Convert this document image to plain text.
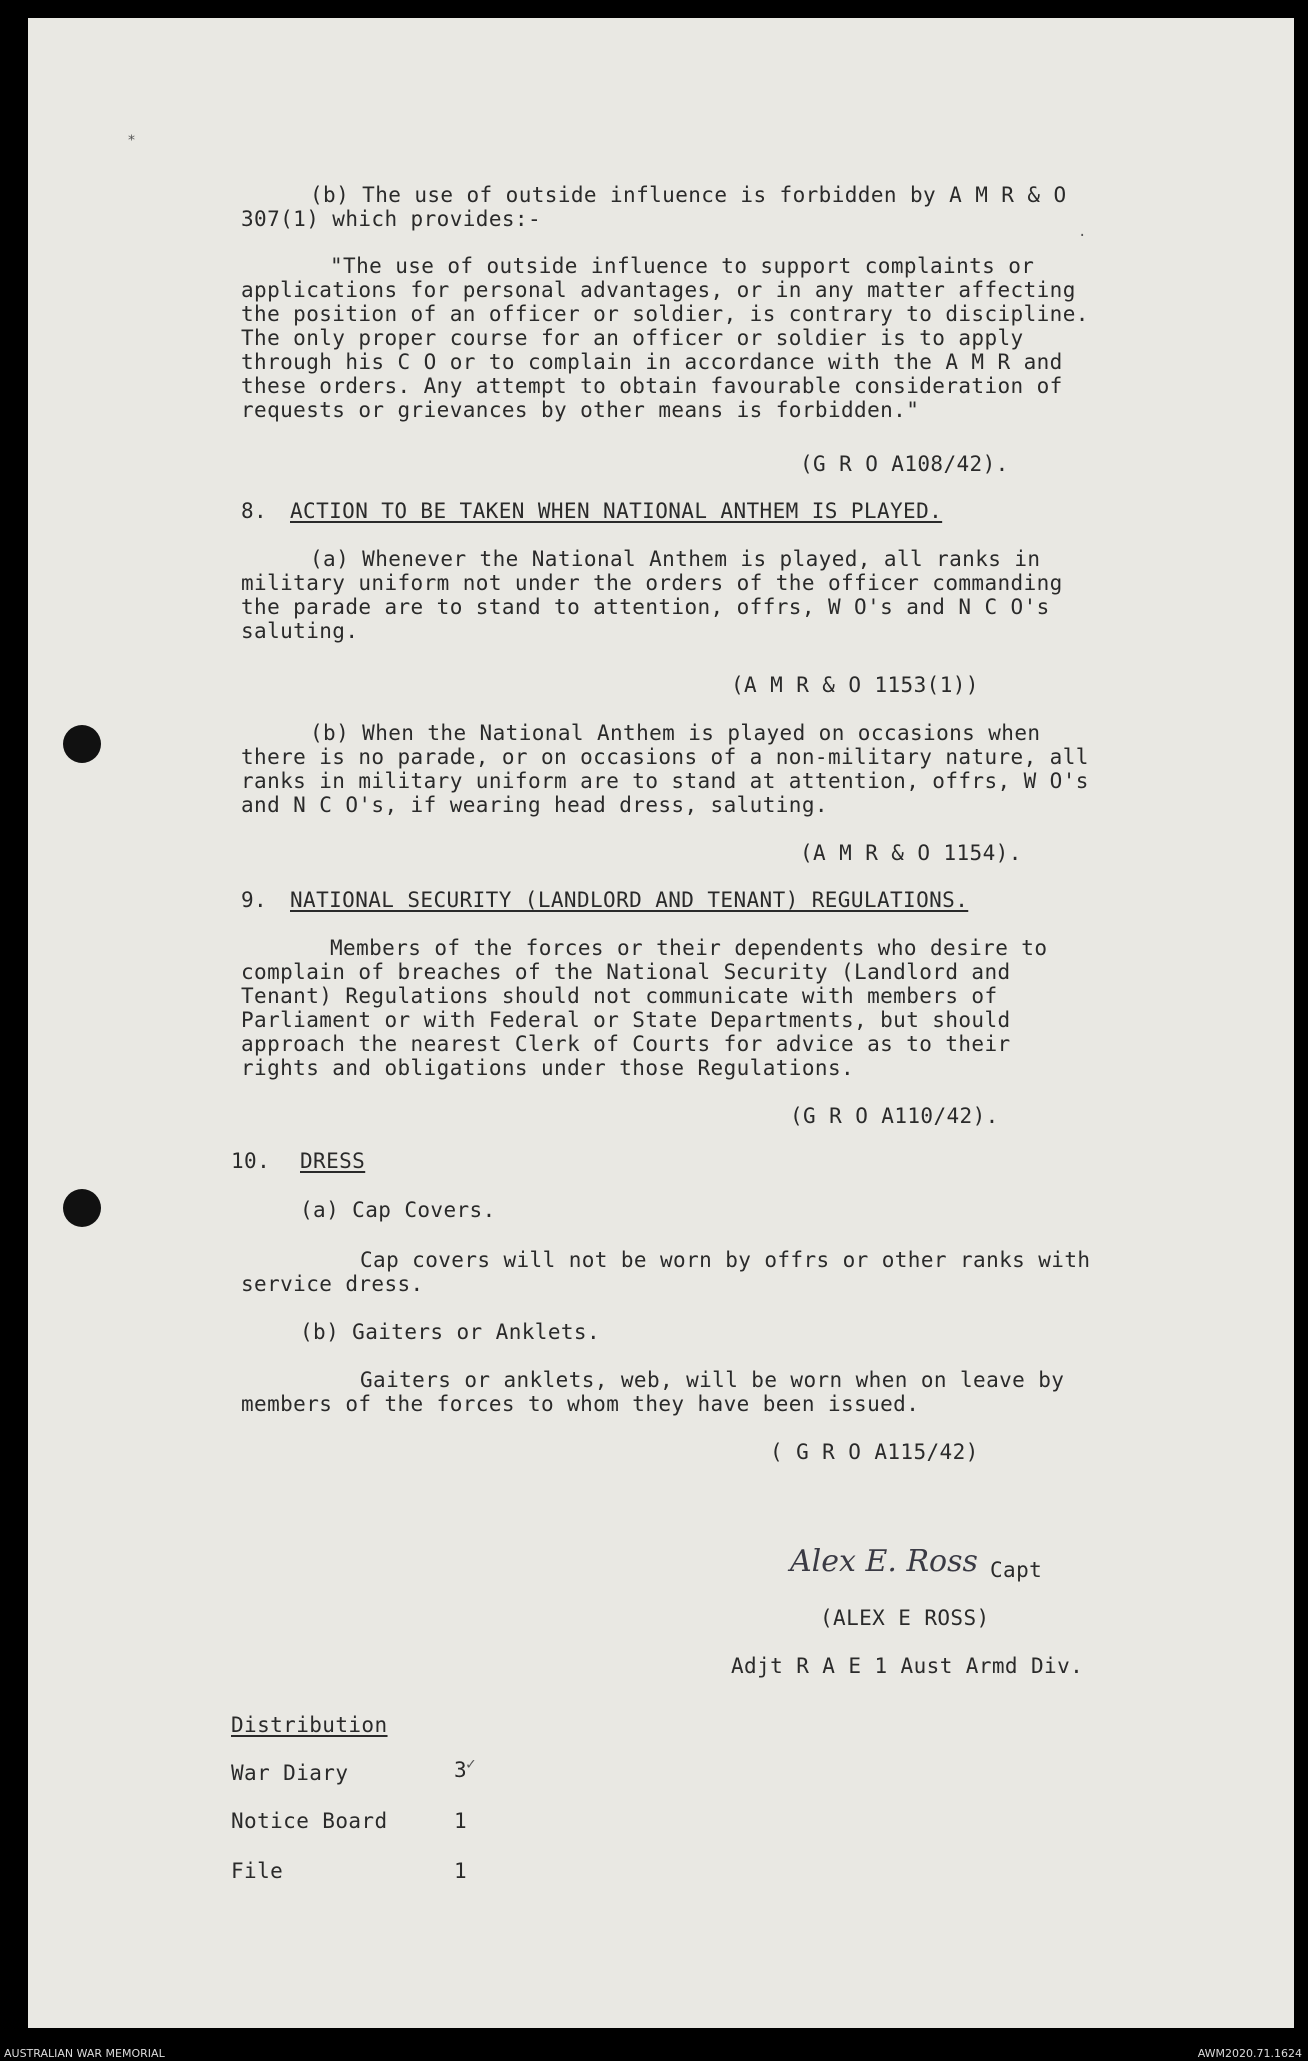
⁎
·
(b) The use of outside influence is forbidden by A M R & O
307(1) which provides:-
"The use of outside influence to support complaints or
applications for personal advantages, or in any matter affecting
the position of an officer or soldier, is contrary to discipline.
The only proper course for an officer or soldier is to apply
through his C O or to complain in accordance with the A M R and
these orders. Any attempt to obtain favourable consideration of
requests or grievances by other means is forbidden."
(G R O A108/42).
8. ACTION TO BE TAKEN WHEN NATIONAL ANTHEM IS PLAYED.
(a) Whenever the National Anthem is played, all ranks in
military uniform not under the orders of the officer commanding
the parade are to stand to attention, offrs, W O's and N C O's
saluting.
(A M R & O 1153(1))
(b) When the National Anthem is played on occasions when
there is no parade, or on occasions of a non-military nature, all
ranks in military uniform are to stand at attention, offrs, W O's
and N C O's, if wearing head dress, saluting.
(A M R & O 1154).
9. NATIONAL SECURITY (LANDLORD AND TENANT) REGULATIONS.
Members of the forces or their dependents who desire to
complain of breaches of the National Security (Landlord and
Tenant) Regulations should not communicate with members of
Parliament or with Federal or State Departments, but should
approach the nearest Clerk of Courts for advice as to their
rights and obligations under those Regulations.
(G R O A110/42).
10. DRESS
(a) Cap Covers.
Cap covers will not be worn by offrs or other ranks with
service dress.
(b) Gaiters or Anklets.
Gaiters or anklets, web, will be worn when on leave by
members of the forces to whom they have been issued.
( G R O A115/42)
Alex E. Ross Capt
(ALEX E ROSS)
Adjt R A E 1 Aust Armd Div.
Distribution
War Diary	3
✓
Notice Board	1
File	1
AUSTRALIAN WAR MEMORIAL	AWM2020.71.1624
